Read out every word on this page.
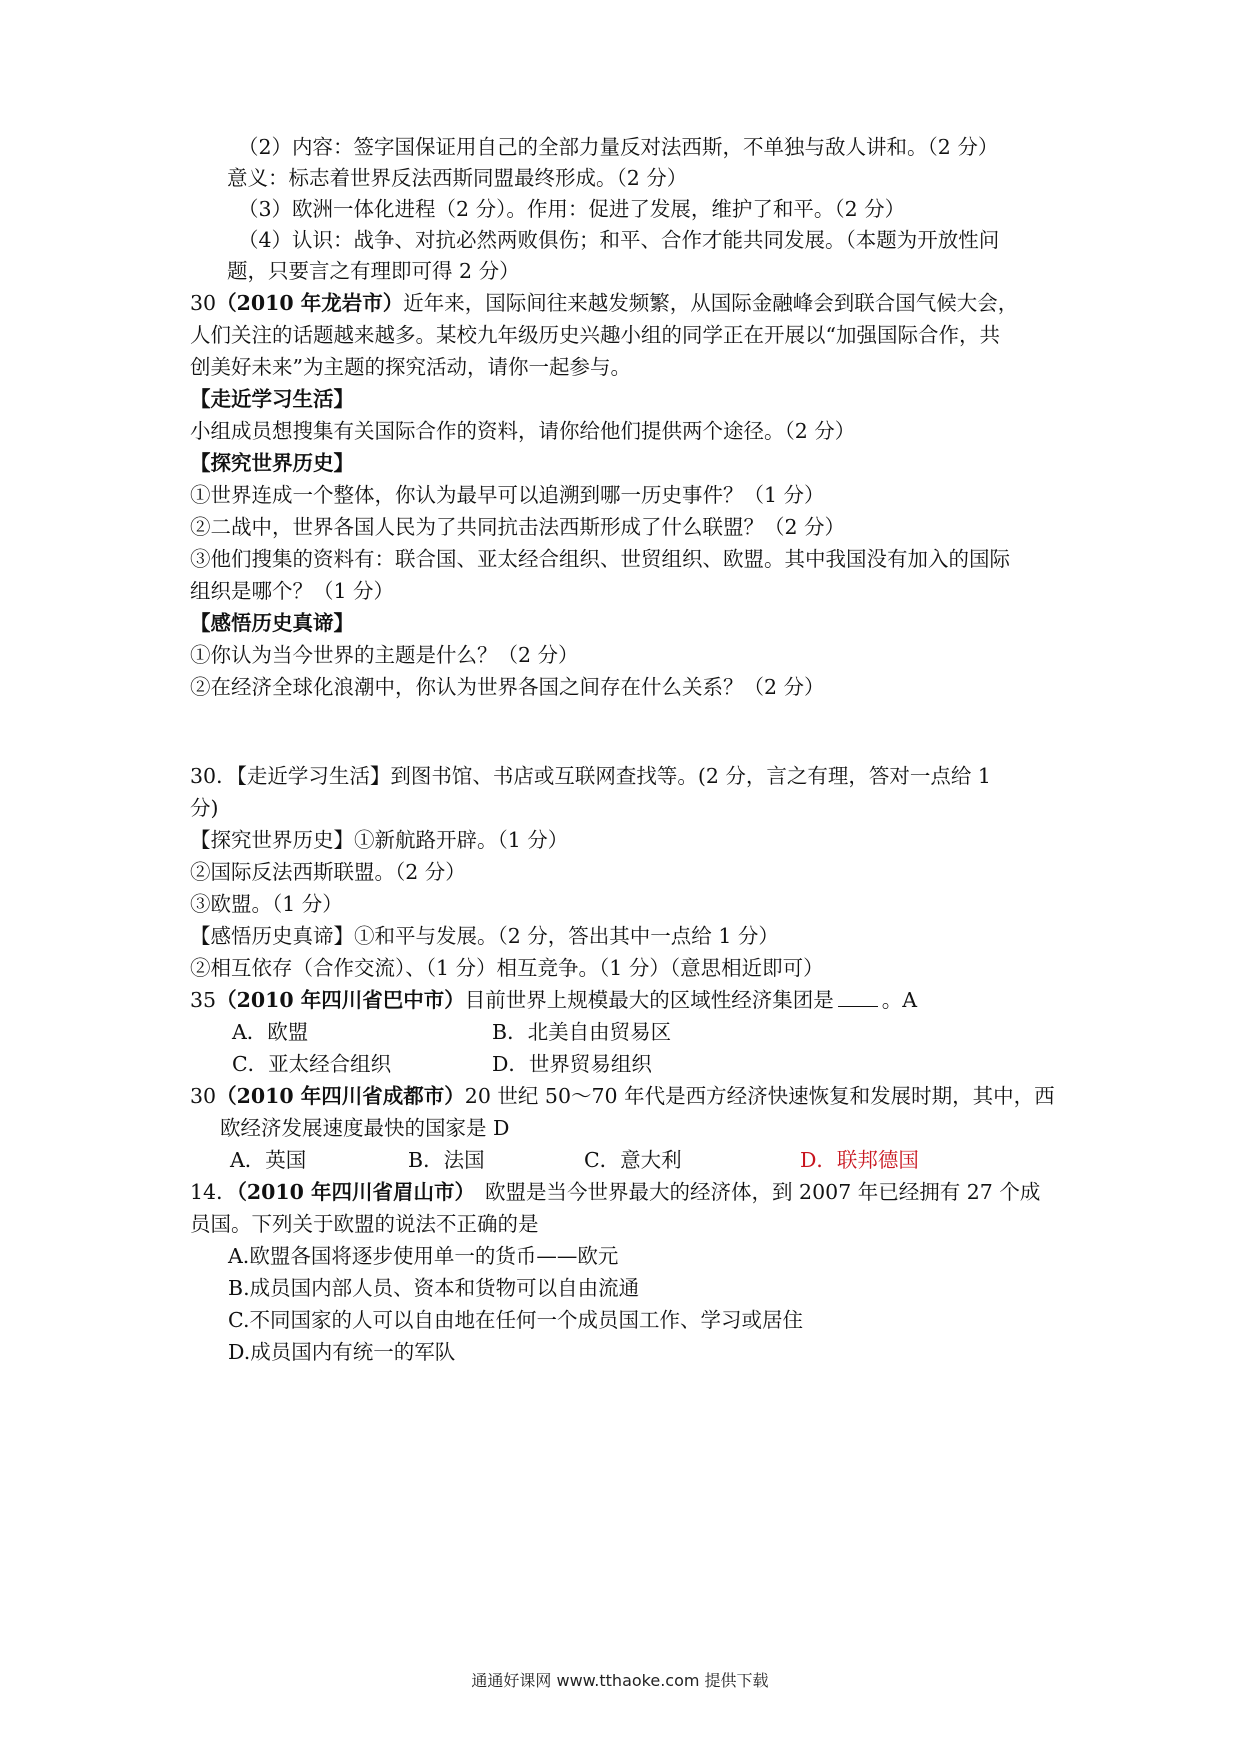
（2）内容：签字国保证用自己的全部力量反对法西斯，不单独与敌人讲和。（2 分）

意义：标志着世界反法西斯同盟最终形成。（2 分）

（3）欧洲一体化进程（2 分）。作用：促进了发展，维护了和平。（2 分）

（4）认识：战争、对抗必然两败俱伤；和平、合作才能共同发展。（本题为开放性问

题，只要言之有理即可得 2 分）

30（2010 年龙岩市）近年来，国际间往来越发频繁，从国际金融峰会到联合国气候大会，

人们关注的话题越来越多。某校九年级历史兴趣小组的同学正在开展以“加强国际合作，共

创美好未来”为主题的探究活动，请你一起参与。

【走近学习生活】

小组成员想搜集有关国际合作的资料，请你给他们提供两个途径。（2 分）

【探究世界历史】

①世界连成一个整体，你认为最早可以追溯到哪一历史事件？（1 分）

②二战中，世界各国人民为了共同抗击法西斯形成了什么联盟？（2 分）

③他们搜集的资料有：联合国、亚太经合组织、世贸组织、欧盟。其中我国没有加入的国际

组织是哪个？（1 分）

【感悟历史真谛】

①你认为当今世界的主题是什么？（2 分）

②在经济全球化浪潮中，你认为世界各国之间存在什么关系？（2 分）

30．【走近学习生活】到图书馆、书店或互联网查找等。(2 分，言之有理，答对一点给 1

分)

【探究世界历史】①新航路开辟。（1 分）

②国际反法西斯联盟。（2 分）

③欧盟。（1 分）

【感悟历史真谛】①和平与发展。（2 分，答出其中一点给 1 分）

②相互依存（合作交流）、（1 分）相互竞争。（1 分）（意思相近即可）

35（2010 年四川省巴中市）目前世界上规模最大的区域性经济集团是 。A

A．欧盟	B．北美自由贸易区

C．亚太经合组织	D．世界贸易组织

30（2010 年四川省成都市）20 世纪 50～70 年代是西方经济快速恢复和发展时期，其中，西

欧经济发展速度最快的国家是 D

A．英国	B．法国	C．意大利	D．联邦德国

14．（2010 年四川省眉山市） 欧盟是当今世界最大的经济体，到 2007 年已经拥有 27 个成

员国。下列关于欧盟的说法不正确的是

A.欧盟各国将逐步使用单一的货币——欧元

B.成员国内部人员、资本和货物可以自由流通

C.不同国家的人可以自由地在任何一个成员国工作、学习或居住

D.成员国内有统一的军队

通通好课网 www.tthaoke.com 提供下载
